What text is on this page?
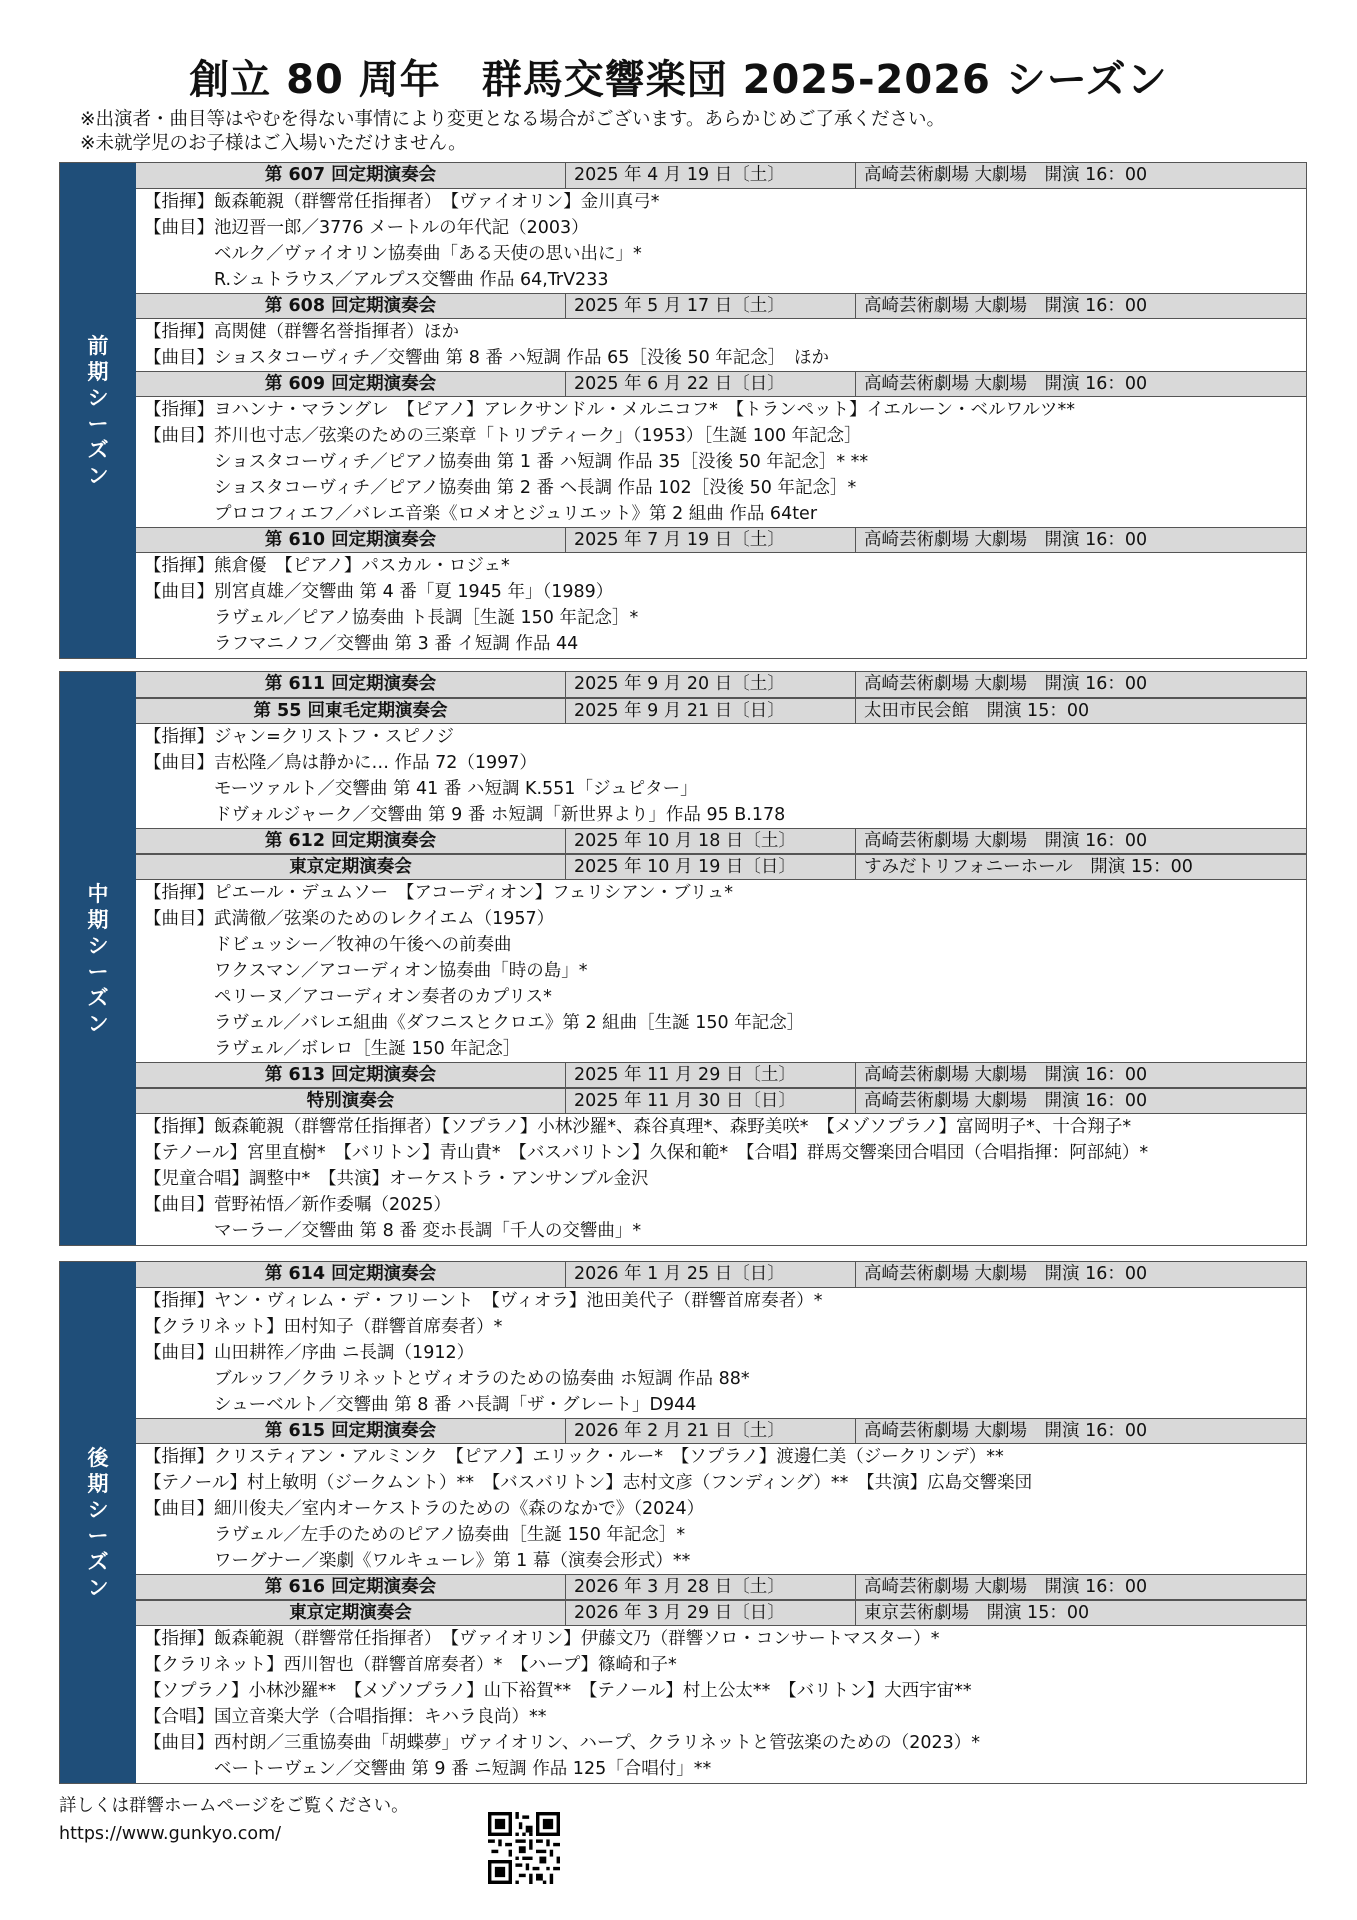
創立 80 周年　群馬交響楽団 2025-2026 シーズン
※出演者・曲目等はやむを得ない事情により変更となる場合がございます。あらかじめご了承ください。
※未就学児のお子様はご入場いただけません。
前
期
シ
ー
ズ
ン
第 607 回定期演奏会	2025 年 4 月 19 日〔土〕	高崎芸術劇場 大劇場　開演 16：00
【指揮】飯森範親（群響常任指揮者）　【ヴァイオリン】金川真弓*
【曲目】池辺晋一郎／3776 メートルの年代記（2003）
ベルク／ヴァイオリン協奏曲「ある天使の思い出に」*
R.シュトラウス／アルプス交響曲 作品 64,TrV233
第 608 回定期演奏会	2025 年 5 月 17 日〔土〕	高崎芸術劇場 大劇場　開演 16：00
【指揮】高関健（群響名誉指揮者）ほか
【曲目】ショスタコーヴィチ／交響曲 第 8 番 ハ短調 作品 65［没後 50 年記念］　ほか
第 609 回定期演奏会	2025 年 6 月 22 日〔日〕	高崎芸術劇場 大劇場　開演 16：00
【指揮】ヨハンナ・マラングレ　【ピアノ】アレクサンドル・メルニコフ*　【トランペット】イエルーン・ベルワルツ**
【曲目】芥川也寸志／弦楽のための三楽章「トリプティーク」（1953）［生誕 100 年記念］
ショスタコーヴィチ／ピアノ協奏曲 第 1 番 ハ短調 作品 35［没後 50 年記念］* **
ショスタコーヴィチ／ピアノ協奏曲 第 2 番 ヘ長調 作品 102［没後 50 年記念］*
プロコフィエフ／バレエ音楽《ロメオとジュリエット》第 2 組曲 作品 64ter
第 610 回定期演奏会	2025 年 7 月 19 日〔土〕	高崎芸術劇場 大劇場　開演 16：00
【指揮】熊倉優　【ピアノ】パスカル・ロジェ*
【曲目】別宮貞雄／交響曲 第 4 番「夏 1945 年」（1989）
ラヴェル／ピアノ協奏曲 ト長調［生誕 150 年記念］*
ラフマニノフ／交響曲 第 3 番 イ短調 作品 44
中
期
シ
ー
ズ
ン
第 611 回定期演奏会	2025 年 9 月 20 日〔土〕	高崎芸術劇場 大劇場　開演 16：00
第 55 回東毛定期演奏会	2025 年 9 月 21 日〔日〕	太田市民会館　開演 15：00
【指揮】ジャン=クリストフ・スピノジ
【曲目】吉松隆／鳥は静かに… 作品 72（1997）
モーツァルト／交響曲 第 41 番 ハ短調 K.551「ジュピター」
ドヴォルジャーク／交響曲 第 9 番 ホ短調「新世界より」作品 95 B.178
第 612 回定期演奏会	2025 年 10 月 18 日〔土〕	高崎芸術劇場 大劇場　開演 16：00
東京定期演奏会	2025 年 10 月 19 日〔日〕	すみだトリフォニーホール　開演 15：00
【指揮】ピエール・デュムソー　【アコーディオン】フェリシアン・ブリュ*
【曲目】武満徹／弦楽のためのレクイエム（1957）
ドビュッシー／牧神の午後への前奏曲
ワクスマン／アコーディオン協奏曲「時の島」*
ペリーヌ／アコーディオン奏者のカプリス*
ラヴェル／バレエ組曲《ダフニスとクロエ》第 2 組曲［生誕 150 年記念］
ラヴェル／ボレロ［生誕 150 年記念］
第 613 回定期演奏会	2025 年 11 月 29 日〔土〕	高崎芸術劇場 大劇場　開演 16：00
特別演奏会	2025 年 11 月 30 日〔日〕	高崎芸術劇場 大劇場　開演 16：00
【指揮】飯森範親（群響常任指揮者）【ソプラノ】小林沙羅*、森谷真理*、森野美咲*　【メゾソプラノ】富岡明子*、十合翔子*
【テノール】宮里直樹*　【バリトン】青山貴*　【バスバリトン】久保和範*　【合唱】群馬交響楽団合唱団（合唱指揮：阿部純）*
【児童合唱】調整中*　【共演】オーケストラ・アンサンブル金沢
【曲目】菅野祐悟／新作委嘱（2025）
マーラー／交響曲 第 8 番 変ホ長調「千人の交響曲」*
後
期
シ
ー
ズ
ン
第 614 回定期演奏会	2026 年 1 月 25 日〔日〕	高崎芸術劇場 大劇場　開演 16：00
【指揮】ヤン・ヴィレム・デ・フリーント　【ヴィオラ】池田美代子（群響首席奏者）*
【クラリネット】田村知子（群響首席奏者）*
【曲目】山田耕筰／序曲 ニ長調（1912）
ブルッフ／クラリネットとヴィオラのための協奏曲 ホ短調 作品 88*
シューベルト／交響曲 第 8 番 ハ長調「ザ・グレート」D944
第 615 回定期演奏会	2026 年 2 月 21 日〔土〕	高崎芸術劇場 大劇場　開演 16：00
【指揮】クリスティアン・アルミンク　【ピアノ】エリック・ルー*　【ソプラノ】渡邊仁美（ジークリンデ）**
【テノール】村上敏明（ジークムント）**　【バスバリトン】志村文彦（フンディング）**　【共演】広島交響楽団
【曲目】細川俊夫／室内オーケストラのための《森のなかで》（2024）
ラヴェル／左手のためのピアノ協奏曲［生誕 150 年記念］*
ワーグナー／楽劇《ワルキューレ》第 1 幕（演奏会形式）**
第 616 回定期演奏会	2026 年 3 月 28 日〔土〕	高崎芸術劇場 大劇場　開演 16：00
東京定期演奏会	2026 年 3 月 29 日〔日〕	東京芸術劇場　開演 15：00
【指揮】飯森範親（群響常任指揮者）　【ヴァイオリン】伊藤文乃（群響ソロ・コンサートマスター）*
【クラリネット】西川智也（群響首席奏者）*　【ハープ】篠崎和子*
【ソプラノ】小林沙羅**　【メゾソプラノ】山下裕賀**　【テノール】村上公太**　【バリトン】大西宇宙**
【合唱】国立音楽大学（合唱指揮：キハラ良尚）**
【曲目】西村朗／三重協奏曲「胡蝶夢」ヴァイオリン、ハープ、クラリネットと管弦楽のための（2023）*
ベートーヴェン／交響曲 第 9 番 ニ短調 作品 125「合唱付」**
詳しくは群響ホームページをご覧ください。
https://www.gunkyo.com/
